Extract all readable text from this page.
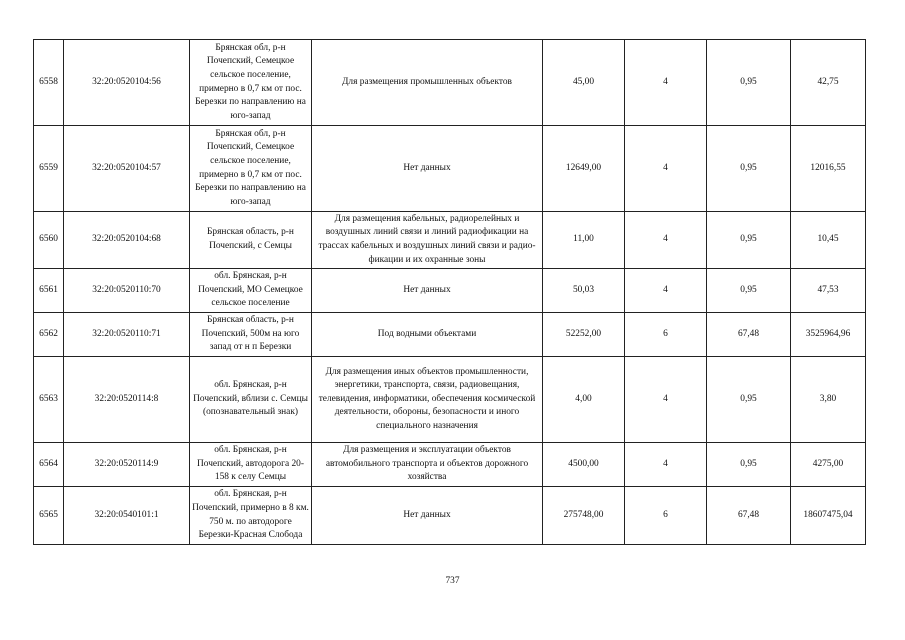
6558	32:20:0520104:56	Брянская обл, р-н Почепский, Семецкое сельское поселение, примерно в 0,7 км от пос. Березки по направлению на юго-запад	Для размещения промышленных объектов	45,00	4	0,95	42,75
6559	32:20:0520104:57	Брянская обл, р-н Почепский, Семецкое сельское поселение, примерно в 0,7 км от пос. Березки по направлению на юго-запад	Нет данных	12649,00	4	0,95	12016,55
6560	32:20:0520104:68	Брянская область, р-н Почепский, с Семцы	Для размещения кабельных, радиорелейных и воздушных линий связи и линий радиофикации на трассах кабельных и воздушных линий связи и радио-фикации и их охранные зоны	11,00	4	0,95	10,45
6561	32:20:0520110:70	обл. Брянская, р-н Почепский, МО Семецкое сельское поселение	Нет данных	50,03	4	0,95	47,53
6562	32:20:0520110:71	Брянская область, р-н Почепский, 500м на юго запад от н п Березки	Под водными объектами	52252,00	6	67,48	3525964,96
6563	32:20:0520114:8	обл. Брянская, р-н Почепский, вблизи с. Семцы (опознавательный знак)	Для размещения иных объектов промышленности, энергетики, транспорта, связи, радиовещания, телевидения, информатики, обеспечения космической деятельности, обороны, безопасности и иного специального назначения	4,00	4	0,95	3,80
6564	32:20:0520114:9	обл. Брянская, р-н Почепский, автодорога 20-158 к селу Семцы	Для размещения и эксплуатации объектов автомобильного транспорта и объектов дорожного хозяйства	4500,00	4	0,95	4275,00
6565	32:20:0540101:1	обл. Брянская, р-н Почепский, примерно в 8 км. 750 м. по автодороге Березки-Красная Слобода	Нет данных	275748,00	6	67,48	18607475,04
737
